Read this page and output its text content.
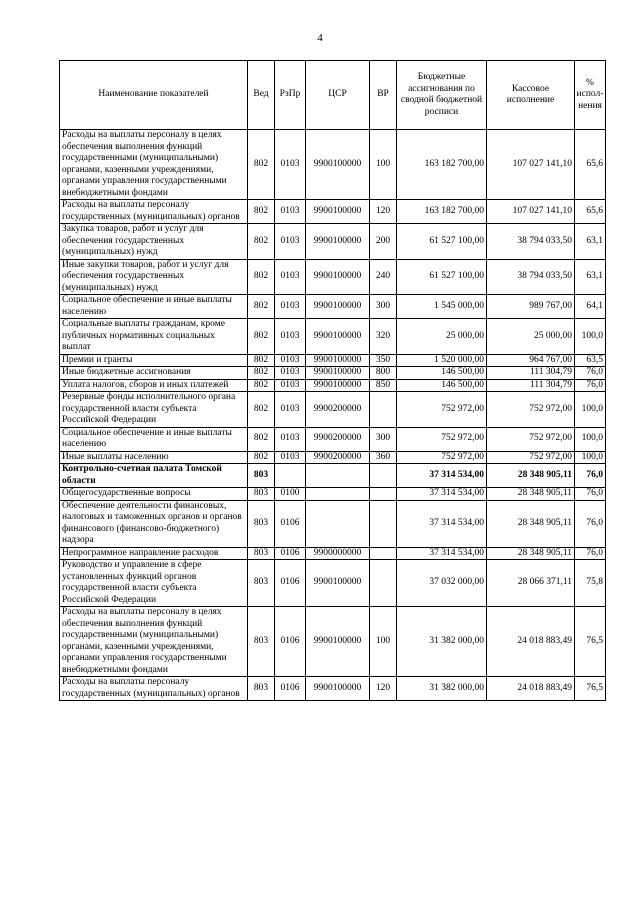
4
Наименование показателей	Вед	РзПр	ЦСР	ВР	Бюджетные ассигнования по сводной бюджетной росписи	Кассовое исполнение	% испол-нения
Расходы на выплаты персоналу в целях обеспечения выполнения функций государственными (муниципальными) органами, казенными учреждениями, органами управления государственными внебюджетными фондами	802	0103	9900100000	100	163 182 700,00	107 027 141,10	65,6
Расходы на выплаты персоналу государственных (муниципальных) органов	802	0103	9900100000	120	163 182 700,00	107 027 141,10	65,6
Закупка товаров, работ и услуг для обеспечения государственных (муниципальных) нужд	802	0103	9900100000	200	61 527 100,00	38 794 033,50	63,1
Иные закупки товаров, работ и услуг для обеспечения государственных (муниципальных) нужд	802	0103	9900100000	240	61 527 100,00	38 794 033,50	63,1
Социальное обеспечение и иные выплаты населению	802	0103	9900100000	300	1 545 000,00	989 767,00	64,1
Социальные выплаты гражданам, кроме публичных нормативных социальных выплат	802	0103	9900100000	320	25 000,00	25 000,00	100,0
Премии и гранты	802	0103	9900100000	350	1 520 000,00	964 767,00	63,5
Иные бюджетные ассигнования	802	0103	9900100000	800	146 500,00	111 304,79	76,0
Уплата налогов, сборов и иных платежей	802	0103	9900100000	850	146 500,00	111 304,79	76,0
Резервные фонды исполнительного органа государственной власти субъекта Российской Федерации	802	0103	9900200000		752 972,00	752 972,00	100,0
Социальное обеспечение и иные выплаты населению	802	0103	9900200000	300	752 972,00	752 972,00	100,0
Иные выплаты населению	802	0103	9900200000	360	752 972,00	752 972,00	100,0
Контрольно-счетная палата Томской области	803				37 314 534,00	28 348 905,11	76,0
Общегосударственные вопросы	803	0100			37 314 534,00	28 348 905,11	76,0
Обеспечение деятельности финансовых, налоговых и таможенных органов и органов финансового (финансово-бюджетного) надзора	803	0106			37 314 534,00	28 348 905,11	76,0
Непрограммное направление расходов	803	0106	9900000000		37 314 534,00	28 348 905,11	76,0
Руководство и управление в сфере установленных функций органов государственной власти субъекта Российской Федерации	803	0106	9900100000		37 032 000,00	28 066 371,11	75,8
Расходы на выплаты персоналу в целях обеспечения выполнения функций государственными (муниципальными) органами, казенными учреждениями, органами управления государственными внебюджетными фондами	803	0106	9900100000	100	31 382 000,00	24 018 883,49	76,5
Расходы на выплаты персоналу государственных (муниципальных) органов	803	0106	9900100000	120	31 382 000,00	24 018 883,49	76,5
